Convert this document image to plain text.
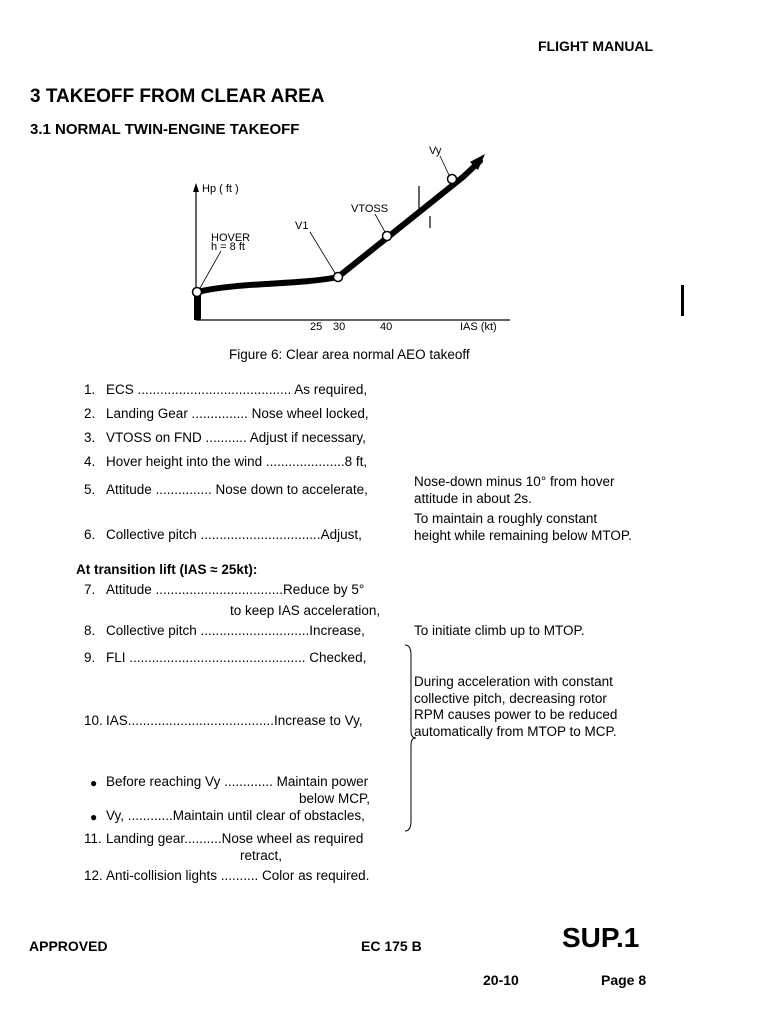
FLIGHT MANUAL
3 TAKEOFF FROM CLEAR AREA
3.1 NORMAL TWIN-ENGINE TAKEOFF
Hp ( ft )
HOVER
h = 8 ft
V1
VTOSS
Vy
25 30	40	IAS (kt)
Figure 6: Clear area normal AEO takeoff
1. ECS ......................................... As required,
2. Landing Gear ............... Nose wheel locked,
3. VTOSS on FND ........... Adjust if necessary,
4. Hover height into the wind .....................8 ft,
5. Attitude ............... Nose down to accelerate,
Nose-down minus 10° from hover attitude in about 2s.
6. Collective pitch ................................Adjust,
To maintain a roughly constant height while remaining below MTOP.
At transition lift (IAS ≈ 25kt):
7. Attitude ..................................Reduce by 5°
to keep IAS acceleration,
8. Collective pitch .............................Increase,	To initiate climb up to MTOP.
9. FLI ............................................... Checked,
10. IAS.......................................Increase to Vy,
● Before reaching Vy ............. Maintain power
below MCP,
● Vy, ............Maintain until clear of obstacles,
During acceleration with constant collective pitch, decreasing rotor RPM causes power to be reduced automatically from MTOP to MCP.
11. Landing gear..........Nose wheel as required
retract,
12. Anti-collision lights .......... Color as required.
APPROVED	EC 175 B	SUP.1
20-10	Page 8
